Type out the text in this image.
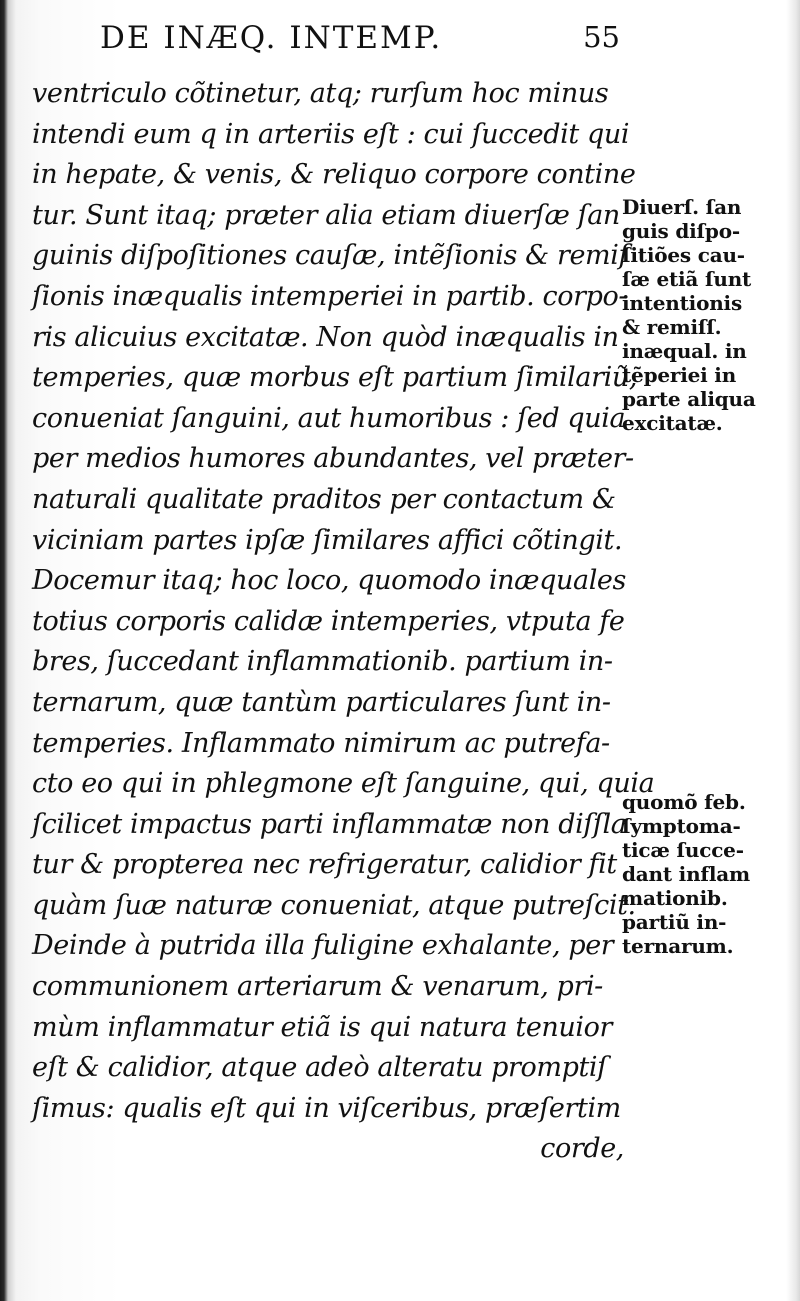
DE INÆQ. INTEMP.	55
ventriculo cõtinetur, atq; rurſum hoc minus
intendi eum q in arteriis eſt : cui ſuccedit qui
in hepate, & venis, & reliquo corpore contine
tur. Sunt itaq; præter alia etiam diuerſæ ſan
guinis diſpoſitiones cauſæ, intẽſionis & remiſ
ſionis inæqualis intemperiei in partib. corpo-
ris alicuius excitatæ. Non quòd inæqualis in
temperies, quæ morbus eſt partium ſimilariũ,
conueniat ſanguini, aut humoribus : ſed quia
per medios humores abundantes, vel præter-
naturali qualitate praditos per contactum &
viciniam partes ipſæ ſimilares affici cõtingit.
Docemur itaq; hoc loco, quomodo inæquales
totius corporis calidæ intemperies, vtputa fe
bres, ſuccedant inflammationib. partium in-
ternarum, quæ tantùm particulares ſunt in-
temperies. Inflammato nimirum ac putrefa-
cto eo qui in phlegmone eſt ſanguine, qui, quia
ſcilicet impactus parti inflammatæ non diſſla
tur & propterea nec refrigeratur, calidior fit
quàm ſuæ naturæ conueniat, atque putreſcit.
Deinde à putrida illa fuligine exhalante, per
communionem arteriarum & venarum, pri-
mùm inflammatur etiã is qui natura tenuior
eſt & calidior, atque adeò alteratu promptiſ
ſimus: qualis eſt qui in viſceribus, præſertim
corde,
Diuerſ. ſan
guis diſpo-
ſitiões cau-
ſæ etiã ſunt
intentionis
& remiſſ.
inæqual. in
tẽperiei in
parte aliqua
excitatæ.
quomõ feb.
ſymptoma-
ticæ ſucce-
dant inflam
mationib.
partiũ in-
ternarum.
